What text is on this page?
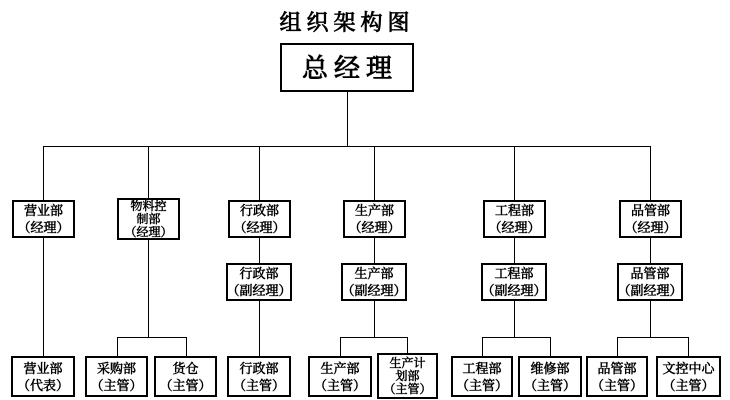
组织架构图
总经理
营业部
（经理）
物料控
制部
（经理）
行政部
（经理）
生产部
（经理）
工程部
（经理）
品管部
（经理）
行政部
（副经理）
生产部
（副经理）
工程部
（副经理）
品管部
（副经理）
营业部
（代表）
采购部
（主管）
货仓
（主管）
行政部
（主管）
生产部
（主管）
生产计
划部
（主管）
工程部
（主管）
维修部
（主管）
品管部
（主管）
文控中心
（主管）
